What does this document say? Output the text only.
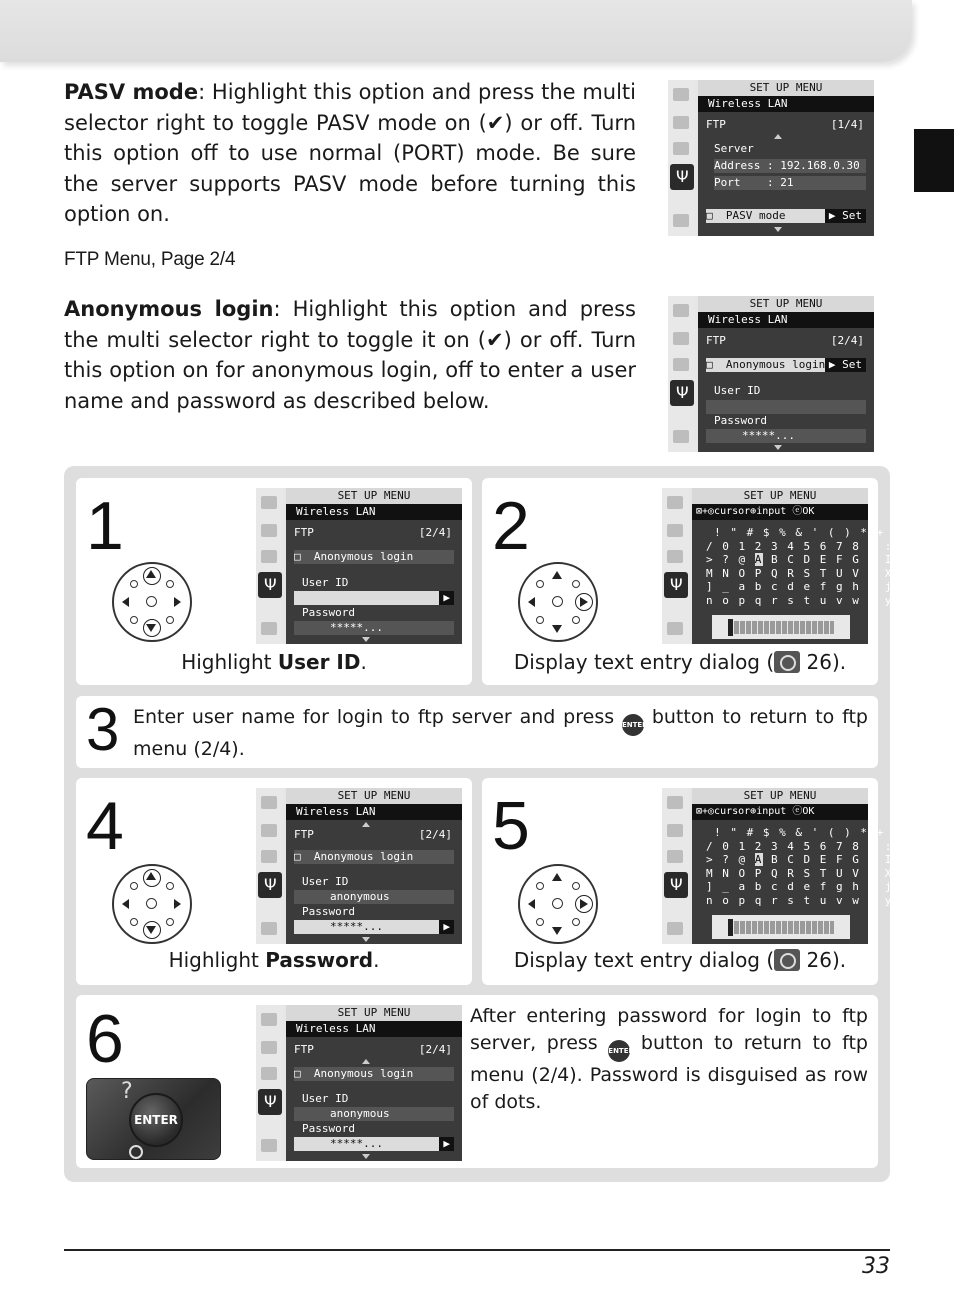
PASV mode: Highlight this option and press the multi selector right to toggle PASV mode on (✔) or off. Turn this option off to use normal (PORT) mode. Be sure the server supports PASV mode before turning this option on.
Ψ
SET UP MENU
Wireless LAN
FTP	[1/4]
Server
Address : 192.168.0.30
Port    : 21
□  PASV mode	▶ Set
FTP Menu, Page 2/4
Anonymous login: Highlight this option and press the multi selector right to toggle it on (✔) or off. Turn this option on for anonymous login, off to enter a user name and password as described below.
Ψ
SET UP MENU
Wireless LAN
FTP	[2/4]
□  Anonymous login ▶ Set
User ID
Password
*****...
1
Ψ	SET UP MENU
Wireless LAN
FTP	[2/4]
□  Anonymous login
User ID
▶
Password
*****...
Highlight User ID.
2
Ψ	SET UP MENU
⊠+◎cursor⊕input ⓔOK
! " # $ % & ' ( ) * + , - .
/ 0 1 2 3 4 5 6 7 8 9 : ; < =
> ? @ A B C D E F G H I J K L
M N O P Q R S T U V W X Y Z [
] _ a b c d e f g h i j k l m
n o p q r s t u v w x y z { }
Display text entry dialog ( 26).
3 Enter user name for login to ftp server and press ENTER button to return to ftp menu (2/4).
4
Ψ	SET UP MENU
Wireless LAN
FTP	[2/4]
□  Anonymous login
User ID
anonymous
Password
*****...	▶
Highlight Password.
5
Ψ	SET UP MENU
⊠+◎cursor⊕input ⓔOK
! " # $ % & ' ( ) * + , - .
/ 0 1 2 3 4 5 6 7 8 9 : ; < =
> ? @ A B C D E F G H I J K L
M N O P Q R S T U V W X Y Z [
] _ a b c d e f g h i j k l m
n o p q r s t u v w x y z { }
Display text entry dialog ( 26).
6
Ψ	SET UP MENU
Wireless LAN
FTP	[2/4]
□  Anonymous login
User ID
anonymous
Password
*****...	▶
After entering password for login to ftp server, press ENTER button to return to ftp menu (2/4). Password is disguised as row of dots.
?
ENTER
33
